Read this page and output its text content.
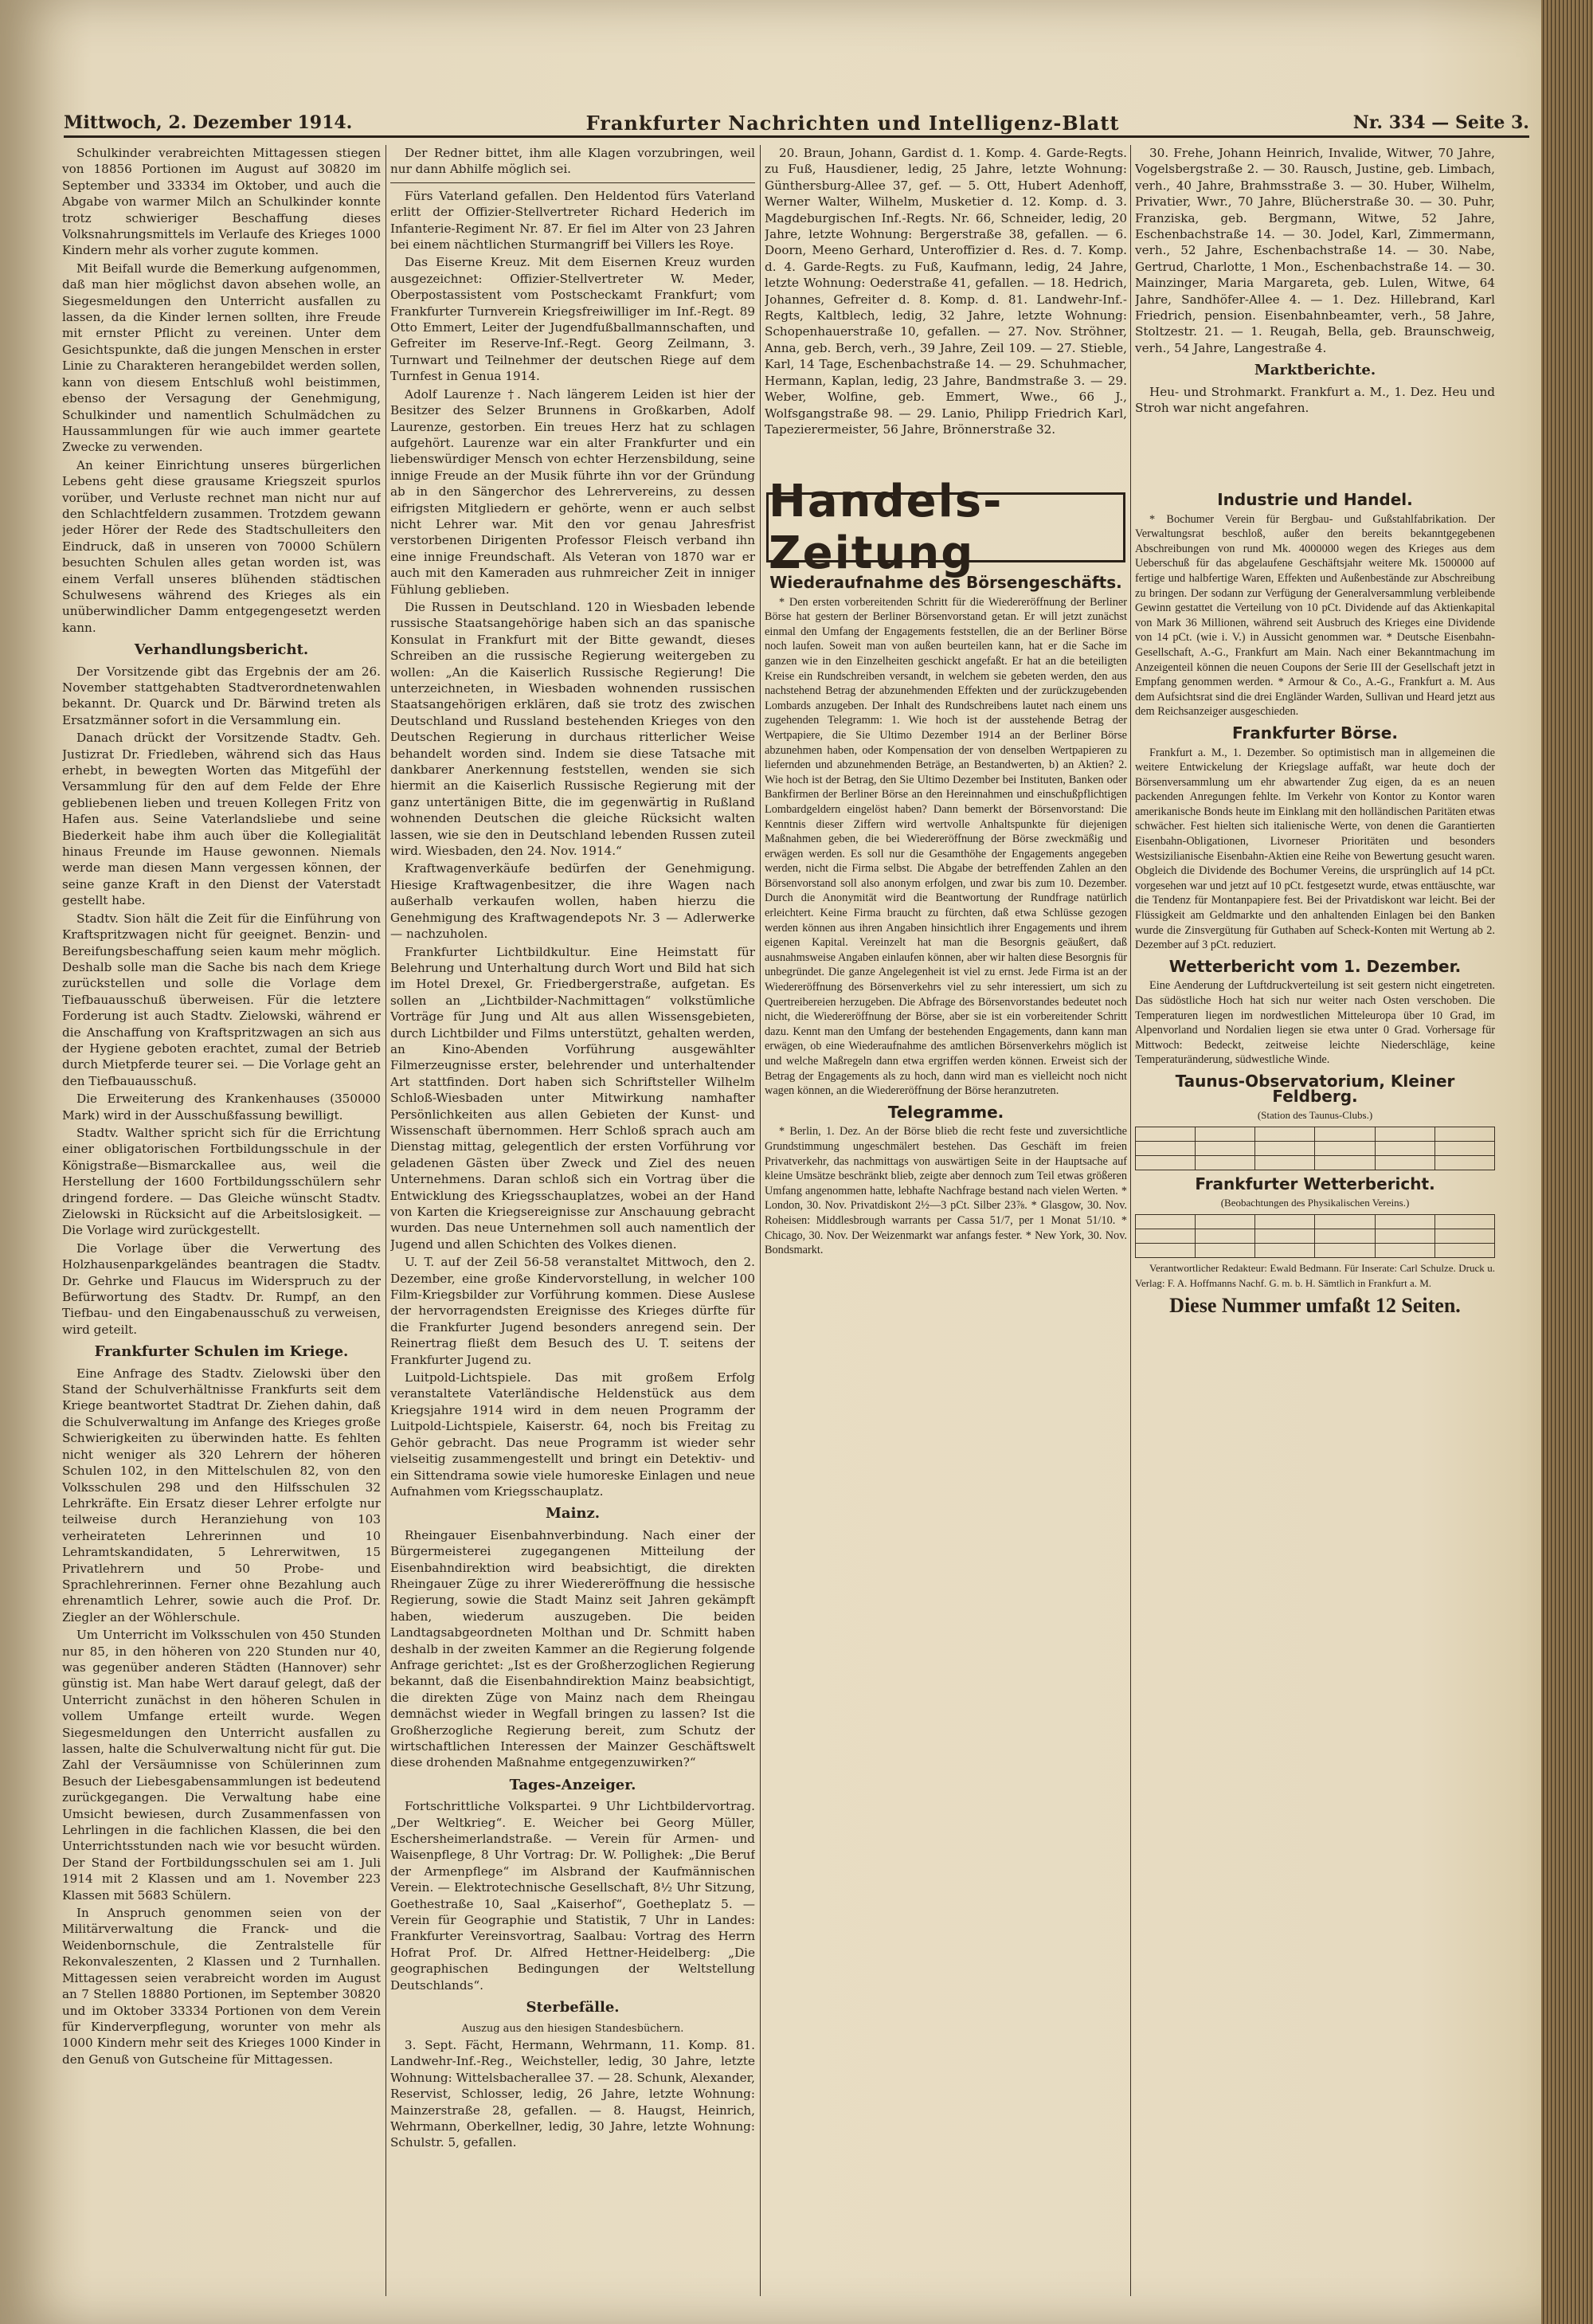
Mittwoch, 2. Dezember 1914.	Frankfurter Nachrichten und Intelligenz-Blatt	Nr. 334 — Seite 3.

Schulkinder verabreichten Mittagessen stiegen von 18856 Portionen im August auf 30820 im September und 33334 im Oktober, und auch die Abgabe von warmer Milch an Schulkinder konnte trotz schwieriger Beschaffung dieses Volksnahrungsmittels im Verlaufe des Krieges 1000 Kindern mehr als vorher zugute kommen.

Mit Beifall wurde die Bemerkung aufgenommen, daß man hier möglichst davon absehen wolle, an Siegesmeldungen den Unterricht ausfallen zu lassen, da die Kinder lernen sollten, ihre Freude mit ernster Pflicht zu vereinen. Unter dem Gesichtspunkte, daß die jungen Menschen in erster Linie zu Charakteren herangebildet werden sollen, kann von diesem Entschluß wohl beistimmen, ebenso der Versagung der Genehmigung, Schulkinder und namentlich Schulmädchen zu Haussammlungen für wie auch immer geartete Zwecke zu verwenden.

An keiner Einrichtung unseres bürgerlichen Lebens geht diese grausame Kriegszeit spurlos vorüber, und Verluste rechnet man nicht nur auf den Schlachtfeldern zusammen. Trotzdem gewann jeder Hörer der Rede des Stadtschulleiters den Eindruck, daß in unseren von 70000 Schülern besuchten Schulen alles getan worden ist, was einem Verfall unseres blühenden städtischen Schulwesens während des Krieges als ein unüberwindlicher Damm entgegengesetzt werden kann.

Verhandlungsbericht.

Der Vorsitzende gibt das Ergebnis der am 26. November stattgehabten Stadtverordnetenwahlen bekannt. Dr. Quarck und Dr. Bärwind treten als Ersatzmänner sofort in die Versammlung ein.

Danach drückt der Vorsitzende Stadtv. Geh. Justizrat Dr. Friedleben, während sich das Haus erhebt, in bewegten Worten das Mitgefühl der Versammlung für den auf dem Felde der Ehre gebliebenen lieben und treuen Kollegen Fritz von Hafen aus. Seine Vaterlandsliebe und seine Biederkeit habe ihm auch über die Kollegialität hinaus Freunde im Hause gewonnen. Niemals werde man diesen Mann vergessen können, der seine ganze Kraft in den Dienst der Vaterstadt gestellt habe.

Stadtv. Sion hält die Zeit für die Einführung von Kraftspritzwagen nicht für geeignet. Benzin- und Bereifungsbeschaffung seien kaum mehr möglich. Deshalb solle man die Sache bis nach dem Kriege zurückstellen und solle die Vorlage dem Tiefbauausschuß überweisen. Für die letztere Forderung ist auch Stadtv. Zielowski, während er die Anschaffung von Kraftspritzwagen an sich aus der Hygiene geboten erachtet, zumal der Betrieb durch Mietpferde teurer sei. — Die Vorlage geht an den Tiefbauausschuß.

Die Erweiterung des Krankenhauses (350000 Mark) wird in der Ausschußfassung bewilligt.

Stadtv. Walther spricht sich für die Errichtung einer obligatorischen Fortbildungsschule in der Königstraße—Bismarckallee aus, weil die Herstellung der 1600 Fortbildungsschülern sehr dringend fordere. — Das Gleiche wünscht Stadtv. Zielowski in Rücksicht auf die Arbeitslosigkeit. — Die Vorlage wird zurückgestellt.

Die Vorlage über die Verwertung des Holzhausenparkgeländes beantragen die Stadtv. Dr. Gehrke und Flaucus im Widerspruch zu der Befürwortung des Stadtv. Dr. Rumpf, an den Tiefbau- und den Eingabenausschuß zu verweisen, wird geteilt.

Frankfurter Schulen im Kriege.

Eine Anfrage des Stadtv. Zielowski über den Stand der Schulverhältnisse Frankfurts seit dem Kriege beantwortet Stadtrat Dr. Ziehen dahin, daß die Schulverwaltung im Anfange des Krieges große Schwierigkeiten zu überwinden hatte. Es fehlten nicht weniger als 320 Lehrern der höheren Schulen 102, in den Mittelschulen 82, von den Volksschulen 298 und den Hilfsschulen 32 Lehrkräfte. Ein Ersatz dieser Lehrer erfolgte nur teilweise durch Heranziehung von 103 verheirateten Lehrerinnen und 10 Lehramtskandidaten, 5 Lehrerwitwen, 15 Privatlehrern und 50 Probe- und Sprachlehrerinnen. Ferner ohne Bezahlung auch ehrenamtlich Lehrer, sowie auch die Prof. Dr. Ziegler an der Wöhlerschule.

Um Unterricht im Volksschulen von 450 Stunden nur 85, in den höheren von 220 Stunden nur 40, was gegenüber anderen Städten (Hannover) sehr günstig ist. Man habe Wert darauf gelegt, daß der Unterricht zunächst in den höheren Schulen in vollem Umfange erteilt wurde. Wegen Siegesmeldungen den Unterricht ausfallen zu lassen, halte die Schulverwaltung nicht für gut. Die Zahl der Versäumnisse von Schülerinnen zum Besuch der Liebesgabensammlungen ist bedeutend zurückgegangen. Die Verwaltung habe eine Umsicht bewiesen, durch Zusammenfassen von Lehrlingen in die fachlichen Klassen, die bei den Unterrichtsstunden nach wie vor besucht würden. Der Stand der Fortbildungsschulen sei am 1. Juli 1914 mit 2 Klassen und am 1. November 223 Klassen mit 5683 Schülern.

In Anspruch genommen seien von der Militärverwaltung die Franck- und die Weidenbornschule, die Zentralstelle für Rekonvaleszenten, 2 Klassen und 2 Turnhallen. Mittagessen seien verabreicht worden im August an 7 Stellen 18880 Portionen, im September 30820 und im Oktober 33334 Portionen von dem Verein für Kinderverpflegung, worunter von mehr als 1000 Kindern mehr seit des Krieges 1000 Kinder in den Genuß von Gutscheine für Mittagessen.

Der Redner bittet, ihm alle Klagen vorzubringen, weil nur dann Abhilfe möglich sei.

Fürs Vaterland gefallen. Den Heldentod fürs Vaterland erlitt der Offizier-Stellvertreter Richard Hederich im Infanterie-Regiment Nr. 87. Er fiel im Alter von 23 Jahren bei einem nächtlichen Sturmangriff bei Villers les Roye.

Das Eiserne Kreuz. Mit dem Eisernen Kreuz wurden ausgezeichnet: Offizier-Stellvertreter W. Meder, Oberpostassistent vom Postscheckamt Frankfurt; vom Frankfurter Turnverein Kriegsfreiwilliger im Inf.-Regt. 89 Otto Emmert, Leiter der Jugendfußballmannschaften, und Gefreiter im Reserve-Inf.-Regt. Georg Zeilmann, 3. Turnwart und Teilnehmer der deutschen Riege auf dem Turnfest in Genua 1914.

Adolf Laurenze †. Nach längerem Leiden ist hier der Besitzer des Selzer Brunnens in Großkarben, Adolf Laurenze, gestorben. Ein treues Herz hat zu schlagen aufgehört. Laurenze war ein alter Frankfurter und ein liebenswürdiger Mensch von echter Herzensbildung, seine innige Freude an der Musik führte ihn vor der Gründung ab in den Sängerchor des Lehrervereins, zu dessen eifrigsten Mitgliedern er gehörte, wenn er auch selbst nicht Lehrer war. Mit den vor genau Jahresfrist verstorbenen Dirigenten Professor Fleisch verband ihn eine innige Freundschaft. Als Veteran von 1870 war er auch mit den Kameraden aus ruhmreicher Zeit in inniger Fühlung geblieben.

Die Russen in Deutschland. 120 in Wiesbaden lebende russische Staatsangehörige haben sich an das spanische Konsulat in Frankfurt mit der Bitte gewandt, dieses Schreiben an die russische Regierung weitergeben zu wollen: „An die Kaiserlich Russische Regierung! Die unterzeichneten, in Wiesbaden wohnenden russischen Staatsangehörigen erklären, daß sie trotz des zwischen Deutschland und Russland bestehenden Krieges von den Deutschen Regierung in durchaus ritterlicher Weise behandelt worden sind. Indem sie diese Tatsache mit dankbarer Anerkennung feststellen, wenden sie sich hiermit an die Kaiserlich Russische Regierung mit der ganz untertänigen Bitte, die im gegenwärtig in Rußland wohnenden Deutschen die gleiche Rücksicht walten lassen, wie sie den in Deutschland lebenden Russen zuteil wird. Wiesbaden, den 24. Nov. 1914.“

Kraftwagenverkäufe bedürfen der Genehmigung. Hiesige Kraftwagenbesitzer, die ihre Wagen nach außerhalb verkaufen wollen, haben hierzu die Genehmigung des Kraftwagendepots Nr. 3 — Adlerwerke — nachzuholen.

Frankfurter Lichtbildkultur. Eine Heimstatt für Belehrung und Unterhaltung durch Wort und Bild hat sich im Hotel Drexel, Gr. Friedbergerstraße, aufgetan. Es sollen an „Lichtbilder-Nachmittagen“ volkstümliche Vorträge für Jung und Alt aus allen Wissensgebieten, durch Lichtbilder und Films unterstützt, gehalten werden, an Kino-Abenden Vorführung ausgewählter Filmerzeugnisse erster, belehrender und unterhaltender Art stattfinden. Dort haben sich Schriftsteller Wilhelm Schloß-Wiesbaden unter Mitwirkung namhafter Persönlichkeiten aus allen Gebieten der Kunst- und Wissenschaft übernommen. Herr Schloß sprach auch am Dienstag mittag, gelegentlich der ersten Vorführung vor geladenen Gästen über Zweck und Ziel des neuen Unternehmens. Daran schloß sich ein Vortrag über die Entwicklung des Kriegsschauplatzes, wobei an der Hand von Karten die Kriegsereignisse zur Anschauung gebracht wurden. Das neue Unternehmen soll auch namentlich der Jugend und allen Schichten des Volkes dienen.

U. T. auf der Zeil 56-58 veranstaltet Mittwoch, den 2. Dezember, eine große Kindervorstellung, in welcher 100 Film-Kriegsbilder zur Vorführung kommen. Diese Auslese der hervorragendsten Ereignisse des Krieges dürfte für die Frankfurter Jugend besonders anregend sein. Der Reinertrag fließt dem Besuch des U. T. seitens der Frankfurter Jugend zu.

Luitpold-Lichtspiele. Das mit großem Erfolg veranstaltete Vaterländische Heldenstück aus dem Kriegsjahre 1914 wird in dem neuen Programm der Luitpold-Lichtspiele, Kaiserstr. 64, noch bis Freitag zu Gehör gebracht. Das neue Programm ist wieder sehr vielseitig zusammengestellt und bringt ein Detektiv- und ein Sittendrama sowie viele humoreske Einlagen und neue Aufnahmen vom Kriegsschauplatz.

Mainz.

Rheingauer Eisenbahnverbindung. Nach einer der Bürgermeisterei zugegangenen Mitteilung der Eisenbahndirektion wird beabsichtigt, die direkten Rheingauer Züge zu ihrer Wiedereröffnung die hessische Regierung, sowie die Stadt Mainz seit Jahren gekämpft haben, wiederum auszugeben. Die beiden Landtagsabgeordneten Molthan und Dr. Schmitt haben deshalb in der zweiten Kammer an die Regierung folgende Anfrage gerichtet: „Ist es der Großherzoglichen Regierung bekannt, daß die Eisenbahndirektion Mainz beabsichtigt, die direkten Züge von Mainz nach dem Rheingau demnächst wieder in Wegfall bringen zu lassen? Ist die Großherzogliche Regierung bereit, zum Schutz der wirtschaftlichen Interessen der Mainzer Geschäftswelt diese drohenden Maßnahme entgegenzuwirken?“

Tages-Anzeiger.

Fortschrittliche Volkspartei. 9 Uhr Lichtbildervortrag. „Der Weltkrieg“. E. Weicher bei Georg Müller, Eschersheimerlandstraße. — Verein für Armen- und Waisenpflege, 8 Uhr Vortrag: Dr. W. Pollighek: „Die Beruf der Armenpflege“ im Alsbrand der Kaufmännischen Verein. — Elektrotechnische Gesellschaft, 8½ Uhr Sitzung, Goethestraße 10, Saal „Kaiserhof“, Goetheplatz 5. — Verein für Geographie und Statistik, 7 Uhr in Landes: Frankfurter Vereinsvortrag, Saalbau: Vortrag des Herrn Hofrat Prof. Dr. Alfred Hettner-Heidelberg: „Die geographischen Bedingungen der Weltstellung Deutschlands“.

Sterbefälle.
Auszug aus den hiesigen Standesbüchern.

3. Sept. Fächt, Hermann, Wehrmann, 11. Komp. 81. Landwehr-Inf.-Reg., Weichsteller, ledig, 30 Jahre, letzte Wohnung: Wittelsbacherallee 37. — 28. Schunk, Alexander, Reservist, Schlosser, ledig, 26 Jahre, letzte Wohnung: Mainzerstraße 28, gefallen. — 8. Haugst, Heinrich, Wehrmann, Oberkellner, ledig, 30 Jahre, letzte Wohnung: Schulstr. 5, gefallen.

20. Braun, Johann, Gardist d. 1. Komp. 4. Garde-Regts. zu Fuß, Hausdiener, ledig, 25 Jahre, letzte Wohnung: Günthersburg-Allee 37, gef. — 5. Ott, Hubert Adenhoff, Werner Walter, Wilhelm, Musketier d. 12. Komp. d. 3. Magdeburgischen Inf.-Regts. Nr. 66, Schneider, ledig, 20 Jahre, letzte Wohnung: Bergerstraße 38, gefallen. — 6. Doorn, Meeno Gerhard, Unteroffizier d. Res. d. 7. Komp. d. 4. Garde-Regts. zu Fuß, Kaufmann, ledig, 24 Jahre, letzte Wohnung: Oederstraße 41, gefallen. — 18. Hedrich, Johannes, Gefreiter d. 8. Komp. d. 81. Landwehr-Inf.-Regts, Kaltblech, ledig, 32 Jahre, letzte Wohnung: Schopenhauerstraße 10, gefallen. — 27. Nov. Ströhner, Anna, geb. Berch, verh., 39 Jahre, Zeil 109. — 27. Stieble, Karl, 14 Tage, Eschenbachstraße 14. — 29. Schuhmacher, Hermann, Kaplan, ledig, 23 Jahre, Bandmstraße 3. — 29. Weber, Wolfine, geb. Emmert, Wwe., 66 J., Wolfsgangstraße 98. — 29. Lanio, Philipp Friedrich Karl, Tapezierermeister, 56 Jahre, Brönnerstraße 32.

30. Frehe, Johann Heinrich, Invalide, Witwer, 70 Jahre, Vogelsbergstraße 2. — 30. Rausch, Justine, geb. Limbach, verh., 40 Jahre, Brahmsstraße 3. — 30. Huber, Wilhelm, Privatier, Wwr., 70 Jahre, Blücherstraße 30. — 30. Puhr, Franziska, geb. Bergmann, Witwe, 52 Jahre, Eschenbachstraße 14. — 30. Jodel, Karl, Zimmermann, verh., 52 Jahre, Eschenbachstraße 14. — 30. Nabe, Gertrud, Charlotte, 1 Mon., Eschenbachstraße 14. — 30. Mainzinger, Maria Margareta, geb. Lulen, Witwe, 64 Jahre, Sandhöfer-Allee 4. — 1. Dez. Hillebrand, Karl Friedrich, pension. Eisenbahnbeamter, verh., 58 Jahre, Stoltzestr. 21. — 1. Reugah, Bella, geb. Braunschweig, verh., 54 Jahre, Langestraße 4.

Marktberichte.

Heu- und Strohmarkt. Frankfurt a. M., 1. Dez. Heu und Stroh war nicht angefahren.

Handels-Zeitung
Wiederaufnahme des Börsengeschäfts.

* Den ersten vorbereitenden Schritt für die Wiedereröffnung der Berliner Börse hat gestern der Berliner Börsenvorstand getan. Er will jetzt zunächst einmal den Umfang der Engagements feststellen, die an der Berliner Börse noch laufen. Soweit man von außen beurteilen kann, hat er die Sache im ganzen wie in den Einzelheiten geschickt angefaßt. Er hat an die beteiligten Kreise ein Rundschreiben versandt, in welchem sie gebeten werden, den aus nachstehend Betrag der abzunehmenden Effekten und der zurückzugebenden Lombards anzugeben. Der Inhalt des Rundschreibens lautet nach einem uns zugehenden Telegramm: 1. Wie hoch ist der ausstehende Betrag der Wertpapiere, die Sie Ultimo Dezember 1914 an der Berliner Börse abzunehmen haben, oder Kompensation der von denselben Wertpapieren zu liefernden und abzunehmenden Beträge, an Bestandwerten, b) an Aktien? 2. Wie hoch ist der Betrag, den Sie Ultimo Dezember bei Instituten, Banken oder Bankfirmen der Berliner Börse an den Hereinnahmen und einschußpflichtigen Lombardgeldern eingelöst haben? Dann bemerkt der Börsenvorstand: Die Kenntnis dieser Ziffern wird wertvolle Anhaltspunkte für diejenigen Maßnahmen geben, die bei Wiedereröffnung der Börse zweckmäßig und erwägen werden. Es soll nur die Gesamthöhe der Engagements angegeben werden, nicht die Firma selbst. Die Abgabe der betreffenden Zahlen an den Börsenvorstand soll also anonym erfolgen, und zwar bis zum 10. Dezember. Durch die Anonymität wird die Beantwortung der Rundfrage natürlich erleichtert. Keine Firma braucht zu fürchten, daß etwa Schlüsse gezogen werden können aus ihren Angaben hinsichtlich ihrer Engagements und ihrem eigenen Kapital. Vereinzelt hat man die Besorgnis geäußert, daß ausnahmsweise Angaben einlaufen können, aber wir halten diese Besorgnis für unbegründet. Die ganze Angelegenheit ist viel zu ernst. Jede Firma ist an der Wiedereröffnung des Börsenverkehrs viel zu sehr interessiert, um sich zu Quertreibereien herzugeben. Die Abfrage des Börsenvorstandes bedeutet noch nicht, die Wiedereröffnung der Börse, aber sie ist ein vorbereitender Schritt dazu. Kennt man den Umfang der bestehenden Engagements, dann kann man erwägen, ob eine Wiederaufnahme des amtlichen Börsenverkehrs möglich ist und welche Maßregeln dann etwa ergriffen werden können. Erweist sich der Betrag der Engagements als zu hoch, dann wird man es vielleicht noch nicht wagen können, an die Wiedereröffnung der Börse heranzutreten.

Telegramme.

* Berlin, 1. Dez. An der Börse blieb die recht feste und zuversichtliche Grundstimmung ungeschmälert bestehen. Das Geschäft im freien Privatverkehr, das nachmittags von auswärtigen Seite in der Hauptsache auf kleine Umsätze beschränkt blieb, zeigte aber dennoch zum Teil etwas größeren Umfang angenommen hatte, lebhafte Nachfrage bestand nach vielen Werten. * London, 30. Nov. Privatdiskont 2½—3 pCt. Silber 23⅞. * Glasgow, 30. Nov. Roheisen: Middlesbrough warrants per Cassa 51/7, per 1 Monat 51/10. * Chicago, 30. Nov. Der Weizenmarkt war anfangs fester. * New York, 30. Nov. Bondsmarkt.

Industrie und Handel.

* Bochumer Verein für Bergbau- und Gußstahlfabrikation. Der Verwaltungsrat beschloß, außer den bereits bekanntgegebenen Abschreibungen von rund Mk. 4000000 wegen des Krieges aus dem Ueberschuß für das abgelaufene Geschäftsjahr weitere Mk. 1500000 auf fertige und halbfertige Waren, Effekten und Außenbestände zur Abschreibung zu bringen. Der sodann zur Verfügung der Generalversammlung verbleibende Gewinn gestattet die Verteilung von 10 pCt. Dividende auf das Aktienkapital von Mark 36 Millionen, während seit Ausbruch des Krieges eine Dividende von 14 pCt. (wie i. V.) in Aussicht genommen war. * Deutsche Eisenbahn-Gesellschaft, A.-G., Frankfurt am Main. Nach einer Bekanntmachung im Anzeigenteil können die neuen Coupons der Serie III der Gesellschaft jetzt in Empfang genommen werden. * Armour & Co., A.-G., Frankfurt a. M. Aus dem Aufsichtsrat sind die drei Engländer Warden, Sullivan und Heard jetzt aus dem Reichsanzeiger ausgeschieden.

Frankfurter Börse.

Frankfurt a. M., 1. Dezember. So optimistisch man in allgemeinen die weitere Entwickelung der Kriegslage auffaßt, war heute doch der Börsenversammlung um ehr abwartender Zug eigen, da es an neuen packenden Anregungen fehlte. Im Verkehr von Kontor zu Kontor waren amerikanische Bonds heute im Einklang mit den holländischen Paritäten etwas schwächer. Fest hielten sich italienische Werte, von denen die Garantierten Eisenbahn-Obligationen, Livorneser Prioritäten und besonders Westsizilianische Eisenbahn-Aktien eine Reihe von Bewertung gesucht waren. Obgleich die Dividende des Bochumer Vereins, die ursprünglich auf 14 pCt. vorgesehen war und jetzt auf 10 pCt. festgesetzt wurde, etwas enttäuschte, war die Tendenz für Montanpapiere fest. Bei der Privatdiskont war leicht. Bei der Flüssigkeit am Geldmarkte und den anhaltenden Einlagen bei den Banken wurde die Zinsvergütung für Guthaben auf Scheck-Konten mit Wertung ab 2. Dezember auf 3 pCt. reduziert.

Wetterbericht vom 1. Dezember.

Eine Aenderung der Luftdruckverteilung ist seit gestern nicht eingetreten. Das südöstliche Hoch hat sich nur weiter nach Osten verschoben. Die Temperaturen liegen im nordwestlichen Mitteleuropa über 10 Grad, im Alpenvorland und Nordalien liegen sie etwa unter 0 Grad. Vorhersage für Mittwoch: Bedeckt, zeitweise leichte Niederschläge, keine Temperaturänderung, südwestliche Winde.

Taunus-Observatorium, Kleiner Feldberg.
(Station des Taunus-Clubs.)

Frankfurter Wetterbericht.
(Beobachtungen des Physikalischen Vereins.)

Verantwortlicher Redakteur: Ewald Bedmann. Für Inserate: Carl Schulze. Druck u. Verlag: F. A. Hoffmanns Nachf. G. m. b. H. Sämtlich in Frankfurt a. M.

Diese Nummer umfaßt 12 Seiten.
